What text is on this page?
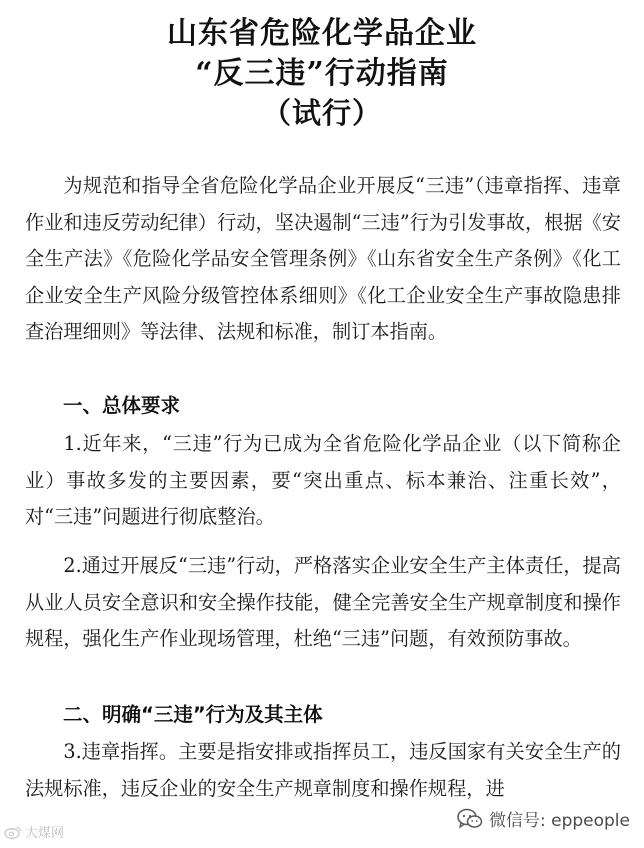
山东省危险化学品企业
“反三违”行动指南
（试行）

为规范和指导全省危险化学品企业开展反“三违”（违章指挥、违章作业和违反劳动纪律）行动，坚决遏制“三违”行为引发事故，根据《安全生产法》《危险化学品安全管理条例》《山东省安全生产条例》《化工企业安全生产风险分级管控体系细则》《化工企业安全生产事故隐患排查治理细则》等法律、法规和标准，制订本指南。

一、总体要求

1.近年来，“三违”行为已成为全省危险化学品企业（以下简称企业）事故多发的主要因素，要“突出重点、标本兼治、注重长效”，对“三违”问题进行彻底整治。

2.通过开展反“三违”行动，严格落实企业安全生产主体责任，提高从业人员安全意识和安全操作技能，健全完善安全生产规章制度和操作规程，强化生产作业现场管理，杜绝“三违”问题，有效预防事故。

二、明确“三违”行为及其主体

3.违章指挥。主要是指安排或指挥员工，违反国家有关安全生产的法规标准，违反企业的安全生产规章制度和操作规程，进

大煤网
微信号: eppeople
